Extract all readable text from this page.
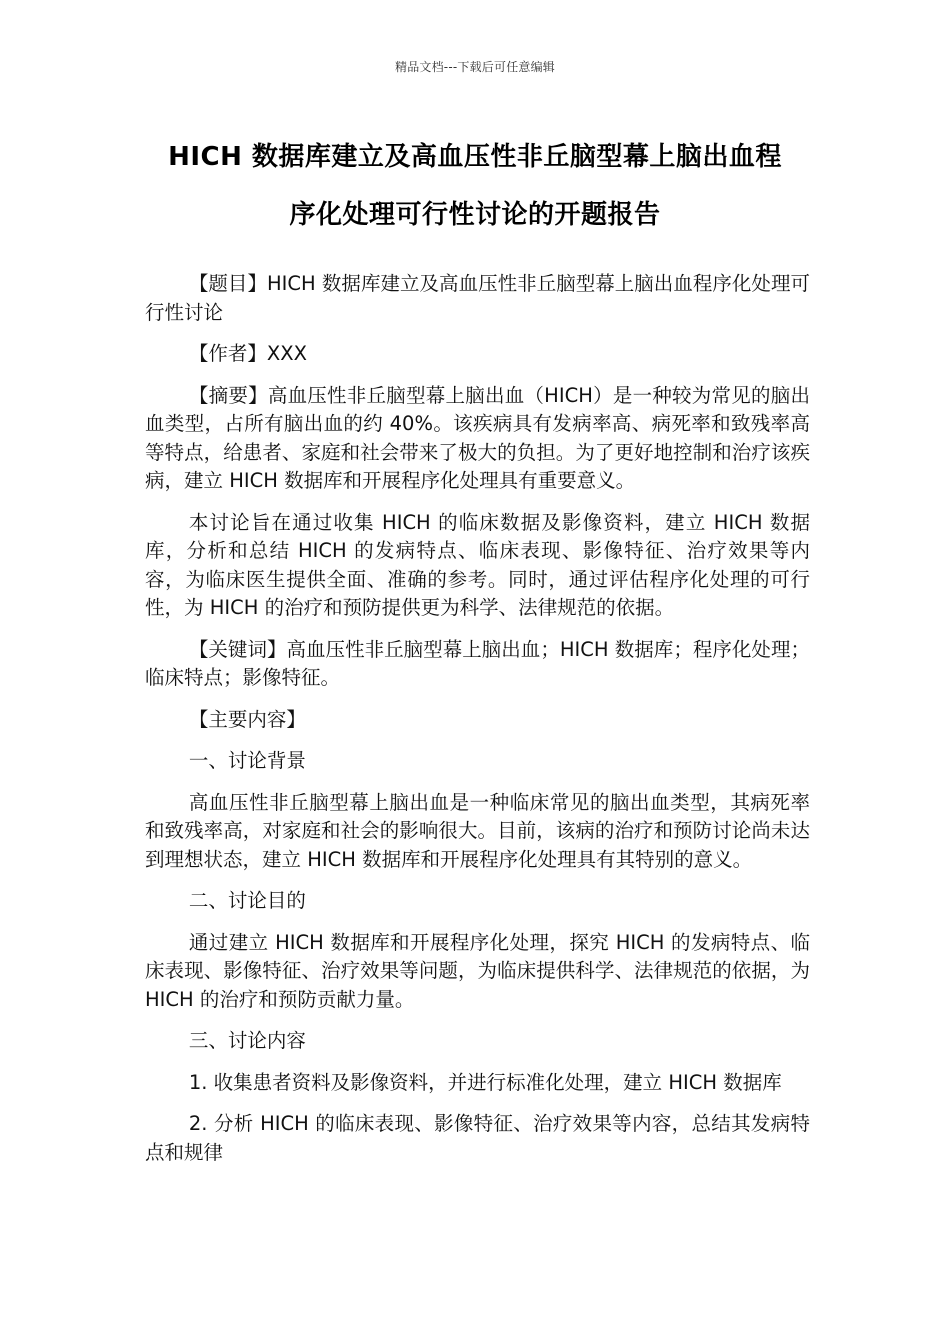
精品文档---下载后可任意编辑
HICH 数据库建立及高血压性非丘脑型幕上脑出血程
序化处理可行性讨论的开题报告

【题目】HICH 数据库建立及高血压性非丘脑型幕上脑出血程序化处理可行性讨论

【作者】XXX

【摘要】高血压性非丘脑型幕上脑出血（HICH）是一种较为常见的脑出血类型，占所有脑出血的约 40%。该疾病具有发病率高、病死率和致残率高等特点，给患者、家庭和社会带来了极大的负担。为了更好地控制和治疗该疾病，建立 HICH 数据库和开展程序化处理具有重要意义。

本讨论旨在通过收集 HICH 的临床数据及影像资料，建立 HICH 数据库，分析和总结 HICH 的发病特点、临床表现、影像特征、治疗效果等内容，为临床医生提供全面、准确的参考。同时，通过评估程序化处理的可行性，为 HICH 的治疗和预防提供更为科学、法律规范的依据。

【关键词】高血压性非丘脑型幕上脑出血；HICH 数据库；程序化处理；临床特点；影像特征。

【主要内容】

一、讨论背景

高血压性非丘脑型幕上脑出血是一种临床常见的脑出血类型，其病死率和致残率高，对家庭和社会的影响很大。目前，该病的治疗和预防讨论尚未达到理想状态，建立 HICH 数据库和开展程序化处理具有其特别的意义。

二、讨论目的

通过建立 HICH 数据库和开展程序化处理，探究 HICH 的发病特点、临床表现、影像特征、治疗效果等问题，为临床提供科学、法律规范的依据，为 HICH 的治疗和预防贡献力量。

三、讨论内容

1. 收集患者资料及影像资料，并进行标准化处理，建立 HICH 数据库

2. 分析 HICH 的临床表现、影像特征、治疗效果等内容，总结其发病特点和规律
